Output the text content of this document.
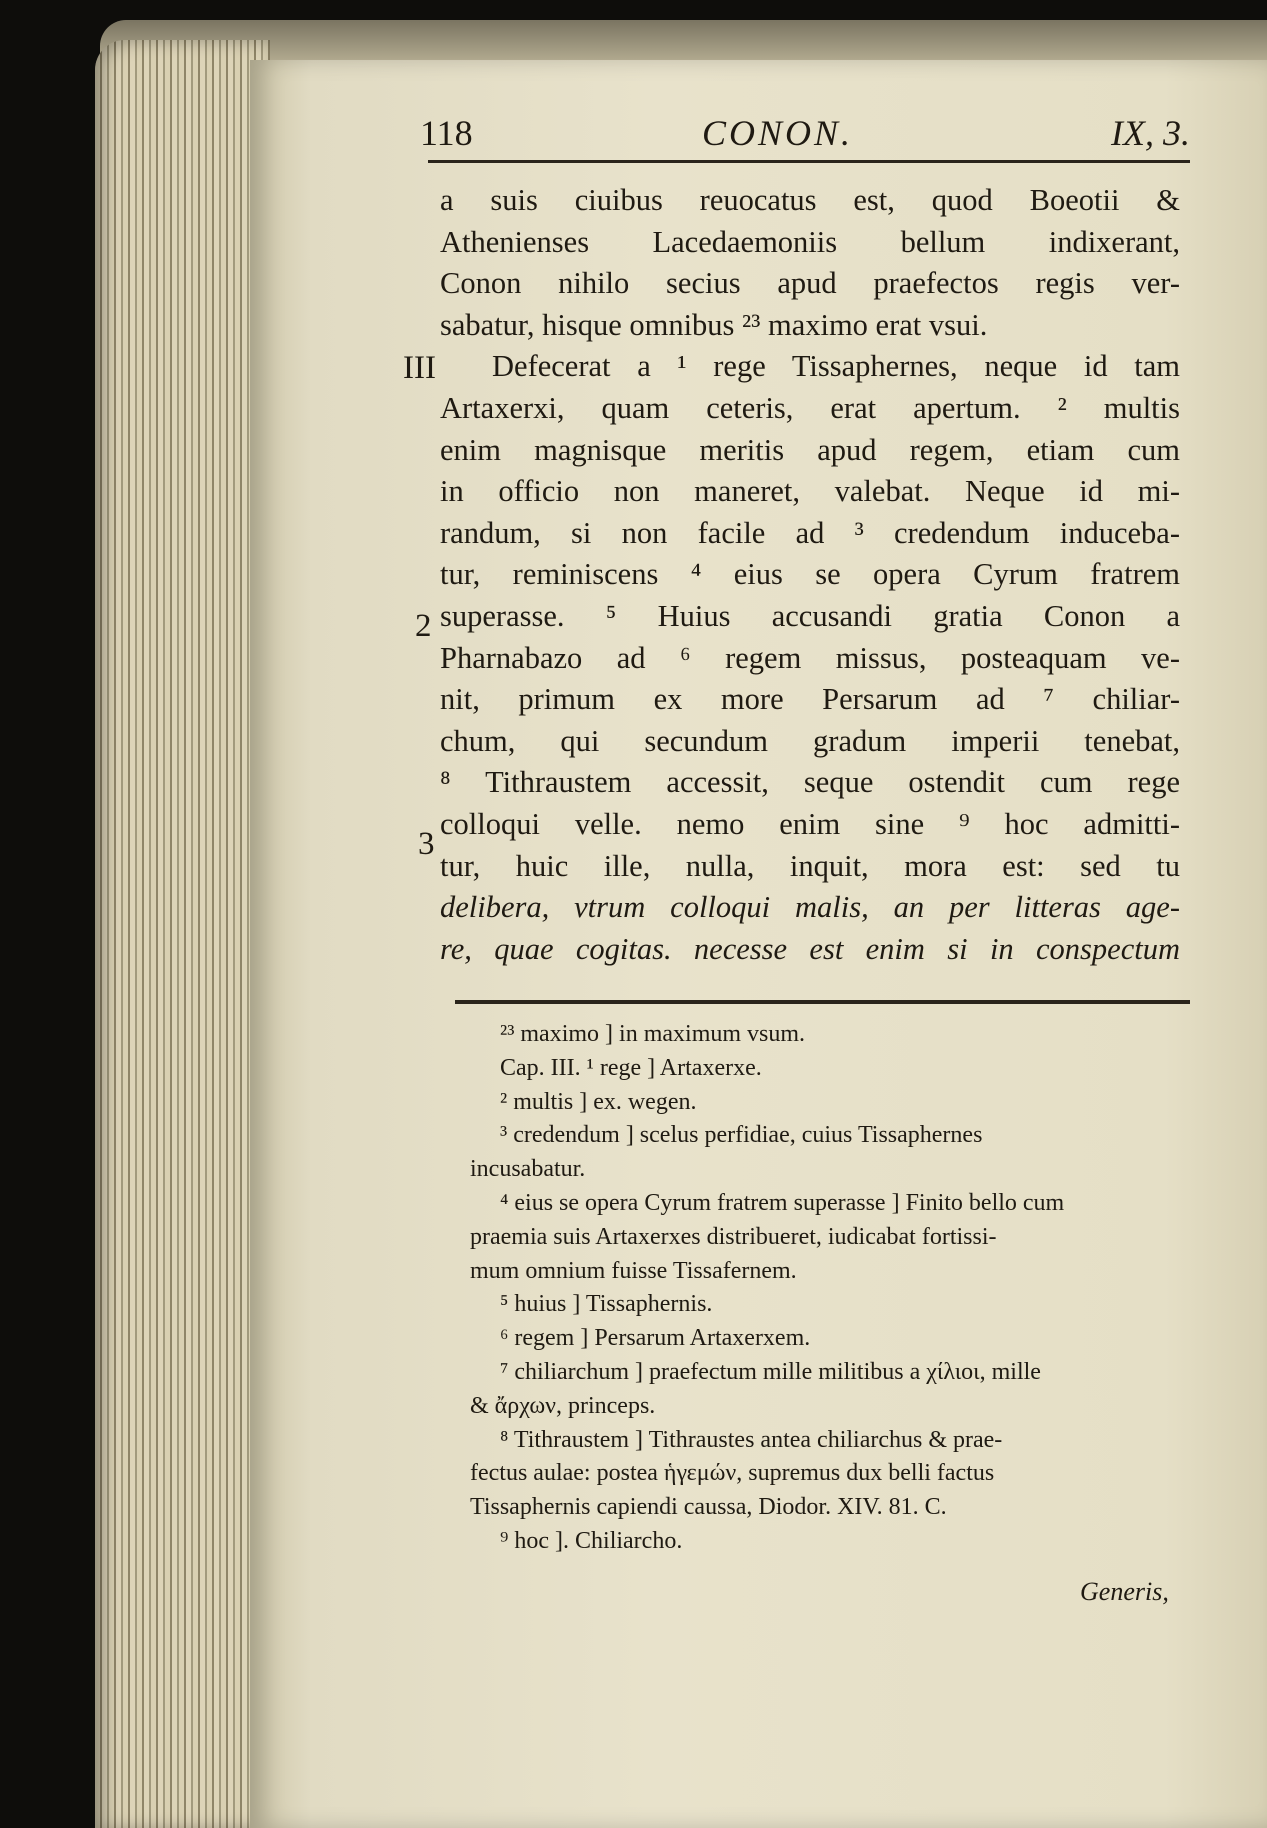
118	CONON.	IX, 3.
III
2
3
a suis ciuibus reuocatus est, quod Boeotii &
Athenienses Lacedaemoniis bellum indixerant,
Conon nihilo secius apud praefectos regis ver-
sabatur, hisque omnibus ²³ maximo erat vsui.
Defecerat a ¹ rege Tissaphernes, neque id tam
Artaxerxi, quam ceteris, erat apertum. ² multis
enim magnisque meritis apud regem, etiam cum
in officio non maneret, valebat. Neque id mi-
randum, si non facile ad ³ credendum induceba-
tur, reminiscens ⁴ eius se opera Cyrum fratrem
superasse. ⁵ Huius accusandi gratia Conon a
Pharnabazo ad ⁶ regem missus, posteaquam ve-
nit, primum ex more Persarum ad ⁷ chiliar-
chum, qui secundum gradum imperii tenebat,
⁸ Tithraustem accessit, seque ostendit cum rege
colloqui velle. nemo enim sine ⁹ hoc admitti-
tur, huic ille, nulla, inquit, mora est: sed tu
delibera, vtrum colloqui malis, an per litteras age-
re, quae cogitas. necesse est enim si in conspectum
²³ maximo ] in maximum vsum.
Cap. III. ¹ rege ] Artaxerxe.
² multis ] ex. wegen.
³ credendum ] scelus perfidiae, cuius Tissaphernes
incusabatur.
⁴ eius se opera Cyrum fratrem superasse ] Finito bello cum
praemia suis Artaxerxes distribueret, iudicabat fortissi-
mum omnium fuisse Tissafernem.
⁵ huius ] Tissaphernis.
⁶ regem ] Persarum Artaxerxem.
⁷ chiliarchum ] praefectum mille militibus a χίλιοι, mille
& ἄρχων, princeps.
⁸ Tithraustem ] Tithraustes antea chiliarchus & prae-
fectus aulae: postea ἡγεμών, supremus dux belli factus
Tissaphernis capiendi caussa, Diodor. XIV. 81. C.
⁹ hoc ]. Chiliarcho.
Generis,
